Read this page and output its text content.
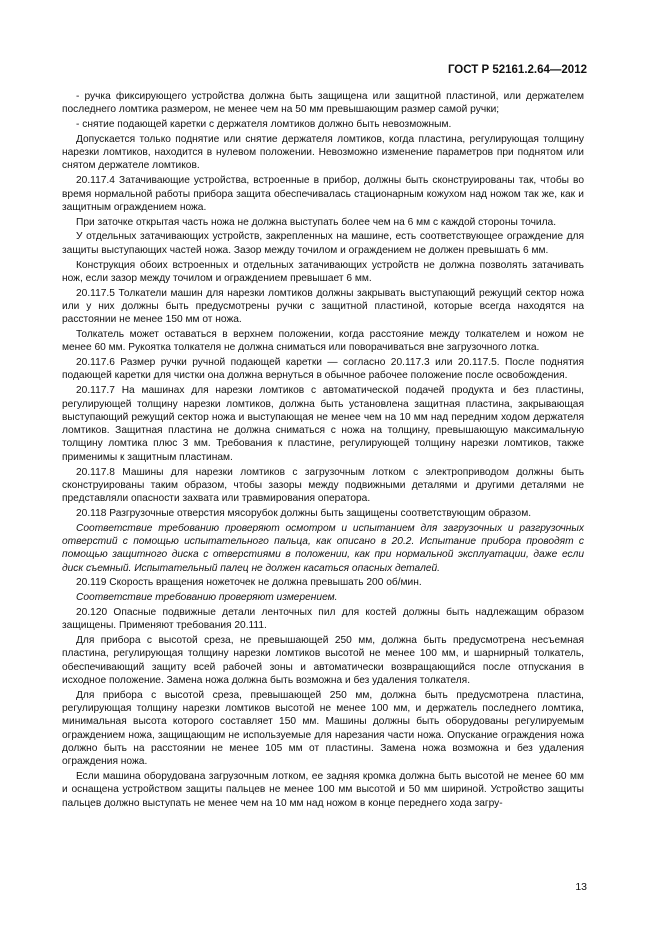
ГОСТ Р 52161.2.64—2012

- ручка фиксирующего устройства должна быть защищена или защитной пластиной, или держателем последнего ломтика размером, не менее чем на 50 мм превышающим размер самой ручки;

- снятие подающей каретки с держателя ломтиков должно быть невозможным.

Допускается только поднятие или снятие держателя ломтиков, когда пластина, регулирующая толщину нарезки ломтиков, находится в нулевом положении. Невозможно изменение параметров при поднятом или снятом держателе ломтиков.

20.117.4 Затачивающие устройства, встроенные в прибор, должны быть сконструированы так, чтобы во время нормальной работы прибора защита обеспечивалась стационарным кожухом над ножом так же, как и защитным ограждением ножа.

При заточке открытая часть ножа не должна выступать более чем на 6 мм с каждой стороны точила.

У отдельных затачивающих устройств, закрепленных на машине, есть соответствующее ограждение для защиты выступающих частей ножа. Зазор между точилом и ограждением не должен превышать 6 мм.

Конструкция обоих встроенных и отдельных затачивающих устройств не должна позволять затачивать нож, если зазор между точилом и ограждением превышает 6 мм.

20.117.5 Толкатели машин для нарезки ломтиков должны закрывать выступающий режущий сектор ножа или у них должны быть предусмотрены ручки с защитной пластиной, которые всегда находятся на расстоянии не менее 150 мм от ножа.

Толкатель может оставаться в верхнем положении, когда расстояние между толкателем и ножом не менее 60 мм. Рукоятка толкателя не должна сниматься или поворачиваться вне загрузочного лотка.

20.117.6 Размер ручки ручной подающей каретки — согласно 20.117.3 или 20.117.5. После поднятия подающей каретки для чистки она должна вернуться в обычное рабочее положение после освобождения.

20.117.7 На машинах для нарезки ломтиков с автоматической подачей продукта и без пластины, регулирующей толщину нарезки ломтиков, должна быть установлена защитная пластина, закрывающая выступающий режущий сектор ножа и выступающая не менее чем на 10 мм над передним ходом держателя ломтиков. Защитная пластина не должна сниматься с ножа на толщину, превышающую максимальную толщину ломтика плюс 3 мм. Требования к пластине, регулирующей толщину нарезки ломтиков, также применимы к защитным пластинам.

20.117.8 Машины для нарезки ломтиков с загрузочным лотком с электроприводом должны быть сконструированы таким образом, чтобы зазоры между подвижными деталями и другими деталями не представляли опасности захвата или травмирования оператора.

20.118 Разгрузочные отверстия мясорубок должны быть защищены соответствующим образом.

Соответствие требованию проверяют осмотром и испытанием для загрузочных и разгрузочных отверстий с помощью испытательного пальца, как описано в 20.2. Испытание прибора проводят с помощью защитного диска с отверстиями в положении, как при нормальной эксплуатации, даже если диск съемный. Испытательный палец не должен касаться опасных деталей.

20.119 Скорость вращения ножеточек не должна превышать 200 об/мин.

Соответствие требованию проверяют измерением.

20.120 Опасные подвижные детали ленточных пил для костей должны быть надлежащим образом защищены. Применяют требования 20.111.

Для прибора с высотой среза, не превышающей 250 мм, должна быть предусмотрена несъемная пластина, регулирующая толщину нарезки ломтиков высотой не менее 100 мм, и шарнирный толкатель, обеспечивающий защиту всей рабочей зоны и автоматически возвращающийся после отпускания в исходное положение. Замена ножа должна быть возможна и без удаления толкателя.

Для прибора с высотой среза, превышающей 250 мм, должна быть предусмотрена пластина, регулирующая толщину нарезки ломтиков высотой не менее 100 мм, и держатель последнего ломтика, минимальная высота которого составляет 150 мм. Машины должны быть оборудованы регулируемым ограждением ножа, защищающим не используемые для нарезания части ножа. Опускание ограждения ножа должно быть на расстоянии не менее 105 мм от пластины. Замена ножа возможна и без удаления ограждения ножа.

Если машина оборудована загрузочным лотком, ее задняя кромка должна быть высотой не менее 60 мм и оснащена устройством защиты пальцев не менее 100 мм высотой и 50 мм шириной. Устройство защиты пальцев должно выступать не менее чем на 10 мм над ножом в конце переднего хода загру-

13
